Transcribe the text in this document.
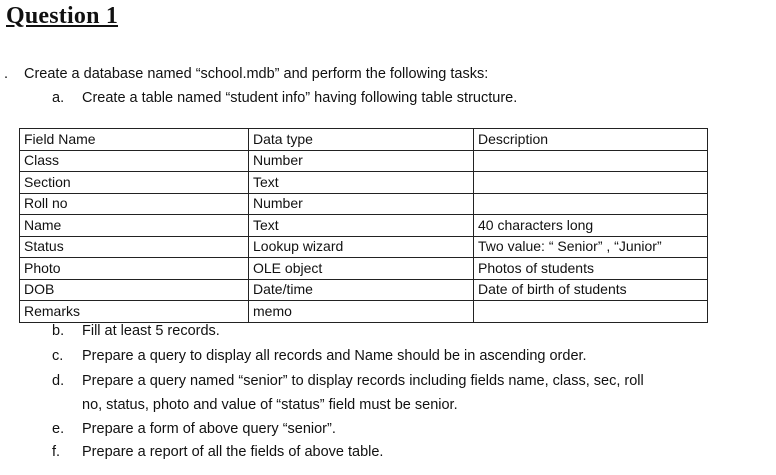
Question 1
. Create a database named “school.mdb” and perform the following tasks:
a. Create a table named “student info” having following table structure.
Field Name	Data type	Description
Class	Number	
Section	Text	
Roll no	Number	
Name	Text	40 characters long
Status	Lookup wizard	Two value: “ Senior” , “Junior”
Photo	OLE object	Photos of students
DOB	Date/time	Date of birth of students
Remarks	memo	
b. Fill at least 5 records.
c. Prepare a query to display all records and Name should be in ascending order.
d. Prepare a query named “senior” to display records including fields name, class, sec, roll
no, status, photo and value of “status” field must be senior.
e. Prepare a form of above query “senior”.
f. Prepare a report of all the fields of above table.
